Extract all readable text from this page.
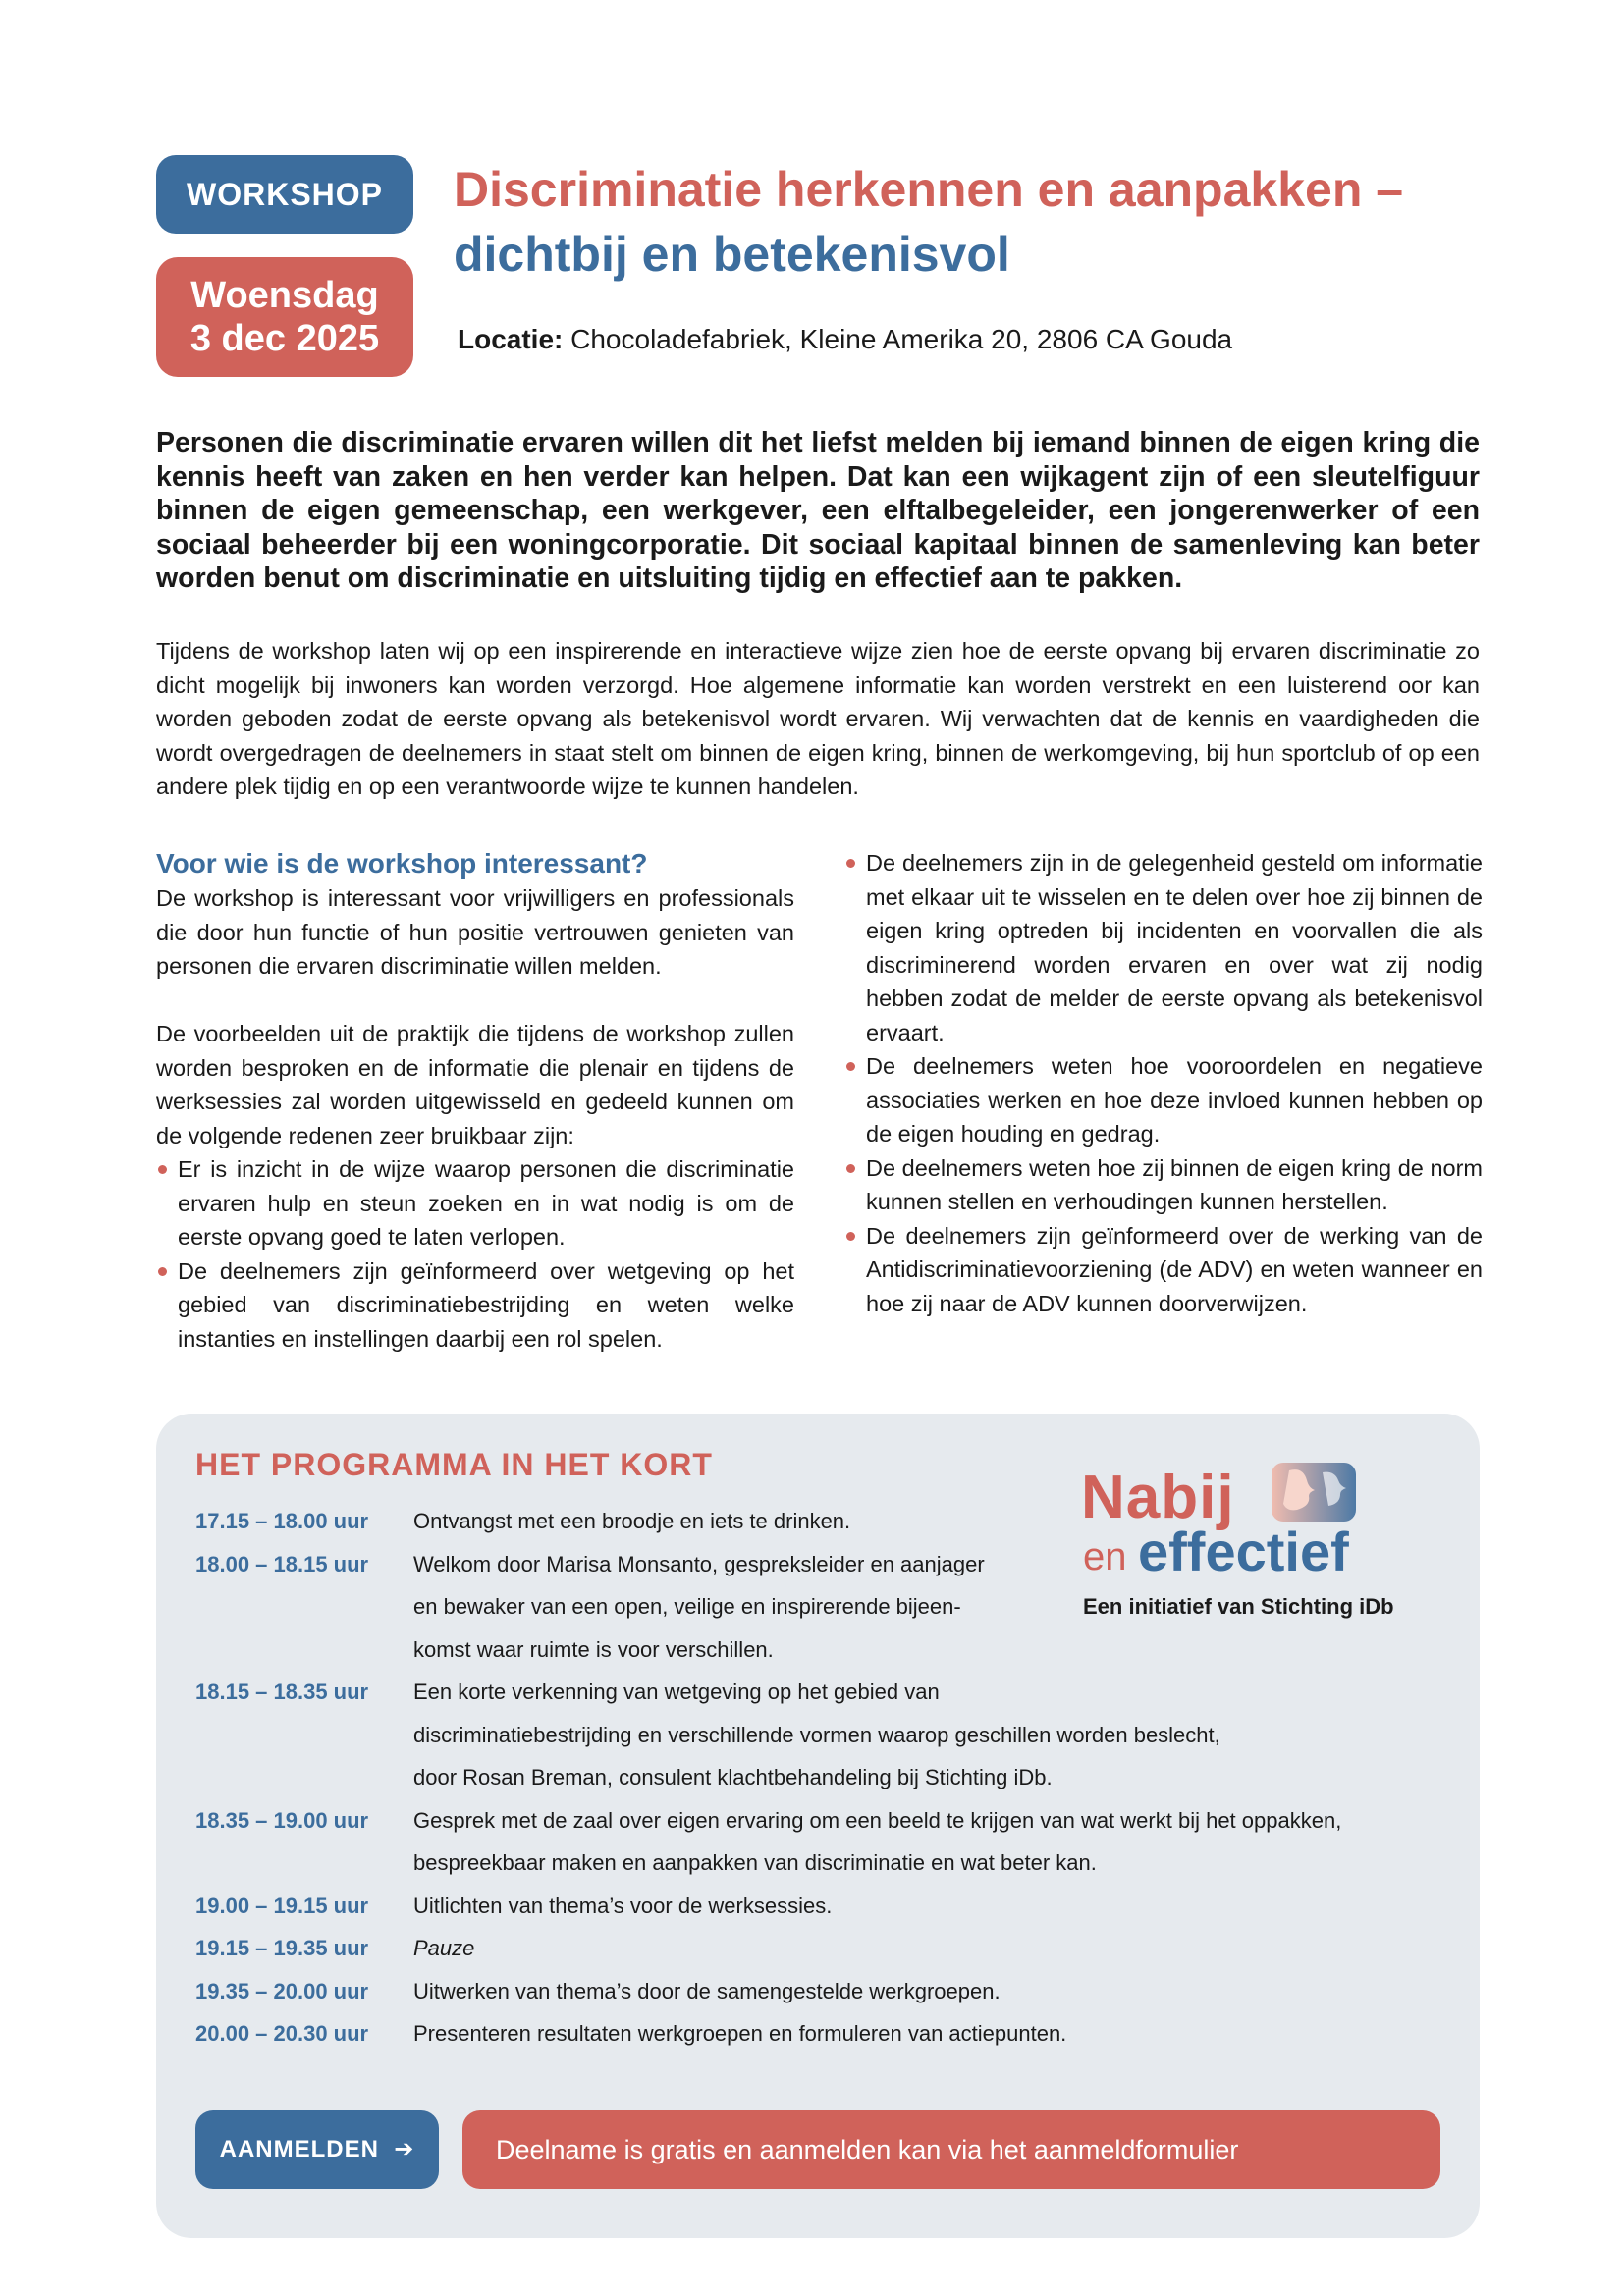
WORKSHOP
Woensdag
3 dec 2025
Discriminatie herkennen en aanpakken –
dichtbij en betekenisvol
Locatie: Chocoladefabriek, Kleine Amerika 20, 2806 CA Gouda

Personen die discriminatie ervaren willen dit het liefst melden bij iemand binnen de eigen kring die kennis heeft van zaken en hen verder kan helpen. Dat kan een wijkagent zijn of een sleutelfiguur binnen de eigen gemeenschap, een werkgever, een elftalbegeleider, een jongerenwerker of een sociaal beheerder bij een woningcorporatie. Dit sociaal kapitaal binnen de samenleving kan beter worden benut om discriminatie en uitsluiting tijdig en effectief aan te pakken.

Tijdens de workshop laten wij op een inspirerende en interactieve wijze zien hoe de eerste opvang bij ervaren discriminatie zo dicht mogelijk bij inwoners kan worden verzorgd. Hoe algemene informatie kan worden verstrekt en een luisterend oor kan worden geboden zodat de eerste opvang als betekenisvol wordt ervaren. Wij verwachten dat de kennis en vaardigheden die wordt overgedragen de deelnemers in staat stelt om binnen de eigen kring, binnen de werkomgeving, bij hun sportclub of op een andere plek tijdig en op een verantwoorde wijze te kunnen handelen.

Voor wie is de workshop interessant?

De workshop is interessant voor vrijwilligers en professionals die door hun functie of hun positie vertrouwen genieten van personen die ervaren discriminatie willen melden.

De voorbeelden uit de praktijk die tijdens de workshop zullen worden besproken en de informatie die plenair en tijdens de werksessies zal worden uitgewisseld en gedeeld kunnen om de volgende redenen zeer bruikbaar zijn:

Er is inzicht in de wijze waarop personen die discriminatie ervaren hulp en steun zoeken en in wat nodig is om de eerste opvang goed te laten verlopen.
De deelnemers zijn geïnformeerd over wetgeving op het gebied van discriminatiebestrijding en weten welke instanties en instellingen daarbij een rol spelen.
De deelnemers zijn in de gelegenheid gesteld om informatie met elkaar uit te wisselen en te delen over hoe zij binnen de eigen kring optreden bij incidenten en voorvallen die als discriminerend worden ervaren en over wat zij nodig hebben zodat de melder de eerste opvang als betekenisvol ervaart.
De deelnemers weten hoe vooroordelen en negatieve associaties werken en hoe deze invloed kunnen hebben op de eigen houding en gedrag.
De deelnemers weten hoe zij binnen de eigen kring de norm kunnen stellen en verhoudingen kunnen herstellen.
De deelnemers zijn geïnformeerd over de werking van de Antidiscriminatievoorziening (de ADV) en weten wanneer en hoe zij naar de ADV kunnen doorverwijzen.
HET PROGRAMMA IN HET KORT
17.15 – 18.00 uur	Ontvangst met een broodje en iets te drinken.
18.00 – 18.15 uur	Welkom door Marisa Monsanto, gespreksleider en aanjager
en bewaker van een open, veilige en inspirerende bijeen-
komst waar ruimte is voor verschillen.
18.15 – 18.35 uur	Een korte verkenning van wetgeving op het gebied van
discriminatiebestrijding en verschillende vormen waarop geschillen worden beslecht,
door Rosan Breman, consulent klachtbehandeling bij Stichting iDb.
18.35 – 19.00 uur	Gesprek met de zaal over eigen ervaring om een beeld te krijgen van wat werkt bij het oppakken,
bespreekbaar maken en aanpakken van discriminatie en wat beter kan.
19.00 – 19.15 uur	Uitlichten van thema’s voor de werksessies.
19.15 – 19.35 uur	Pauze
19.35 – 20.00 uur	Uitwerken van thema’s door de samengestelde werkgroepen.
20.00 – 20.30 uur	Presenteren resultaten werkgroepen en formuleren van actiepunten.
Nabij
en effectief
Een initiatief van Stichting iDb
AANMELDEN ➔	Deelname is gratis en aanmelden kan via het aanmeldformulier
